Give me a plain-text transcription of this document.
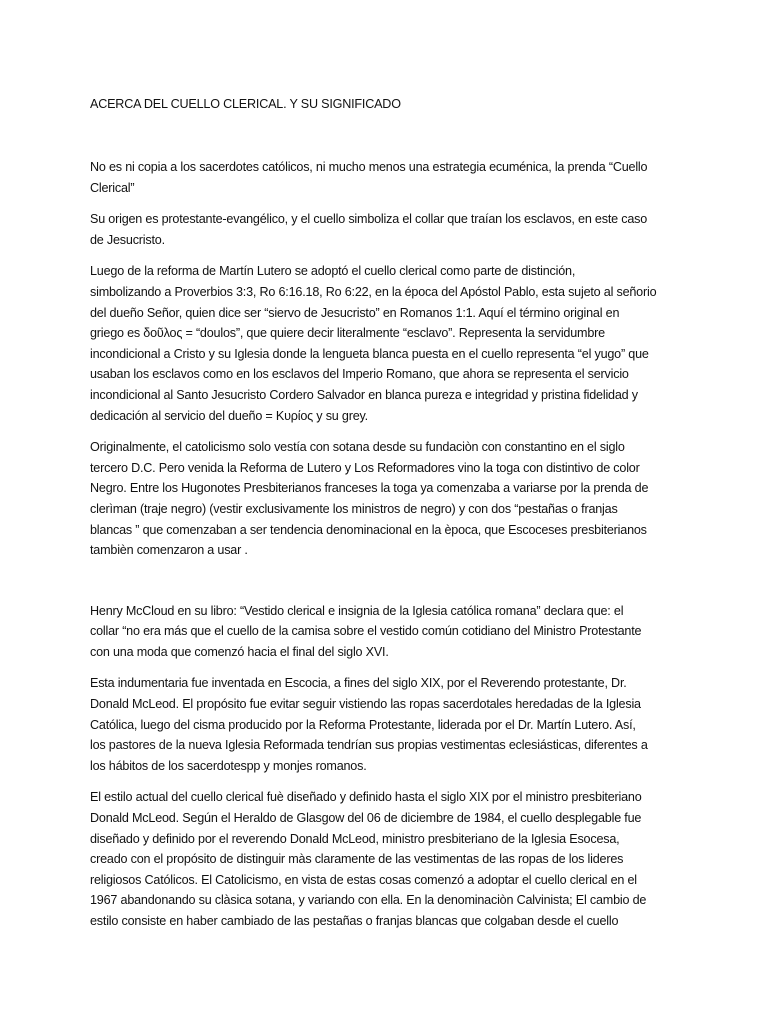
ACERCA DEL CUELLO CLERICAL. Y SU SIGNIFICADO

No es ni copia a los sacerdotes católicos, ni mucho menos una estrategia ecuménica, la prenda “Cuello
Clerical”

Su origen es protestante-evangélico, y el cuello simboliza el collar que traían los esclavos, en este caso
de Jesucristo.

Luego de la reforma de Martín Lutero se adoptó el cuello clerical como parte de distinción,
simbolizando a Proverbios 3:3, Ro 6:16.18, Ro 6:22, en la época del Apóstol Pablo, esta sujeto al señorio
del dueño Señor, quien dice ser “siervo de Jesucristo” en Romanos 1:1. Aquí el término original en
griego es δοῦλος = “doulos”, que quiere decir literalmente “esclavo”. Representa la servidumbre
incondicional a Cristo y su Iglesia donde la lengueta blanca puesta en el cuello representa “el yugo” que
usaban los esclavos como en los esclavos del Imperio Romano, que ahora se representa el servicio
incondicional al Santo Jesucristo Cordero Salvador en blanca pureza e integridad y pristina fidelidad y
dedicación al servicio del dueño = Κυρίος y su grey.

Originalmente, el catolicismo solo vestía con sotana desde su fundaciòn con constantino en el siglo
tercero D.C. Pero venida la Reforma de Lutero y Los Reformadores vino la toga con distintivo de color
Negro. Entre los Hugonotes Presbiterianos franceses la toga ya comenzaba a variarse por la prenda de
clerìman (traje negro) (vestir exclusivamente los ministros de negro) y con dos “pestañas o franjas
blancas ” que comenzaban a ser tendencia denominacional en la època, que Escoceses presbiterianos
tambièn comenzaron a usar .

Henry McCloud en su libro: “Vestido clerical e insignia de la Iglesia católica romana” declara que: el
collar “no era más que el cuello de la camisa sobre el vestido común cotidiano del Ministro Protestante
con una moda que comenzó hacia el final del siglo XVI.

Esta indumentaria fue inventada en Escocia, a fines del siglo XIX, por el Reverendo protestante, Dr.
Donald McLeod. El propósito fue evitar seguir vistiendo las ropas sacerdotales heredadas de la Iglesia
Católica, luego del cisma producido por la Reforma Protestante, liderada por el Dr. Martín Lutero. Así,
los pastores de la nueva Iglesia Reformada tendrían sus propias vestimentas eclesiásticas, diferentes a
los hábitos de los sacerdotespp y monjes romanos.

El estilo actual del cuello clerical fuè diseñado y definido hasta el siglo XIX por el ministro presbiteriano
Donald McLeod. Según el Heraldo de Glasgow del 06 de diciembre de 1984, el cuello desplegable fue
diseñado y definido por el reverendo Donald McLeod, ministro presbiteriano de la Iglesia Esocesa,
creado con el propósito de distinguir màs claramente de las vestimentas de las ropas de los lideres
religiosos Católicos. El Catolicismo, en vista de estas cosas comenzó a adoptar el cuello clerical en el
1967 abandonando su clàsica sotana, y variando con ella. En la denominaciòn Calvinista; El cambio de
estilo consiste en haber cambiado de las pestañas o franjas blancas que colgaban desde el cuello
